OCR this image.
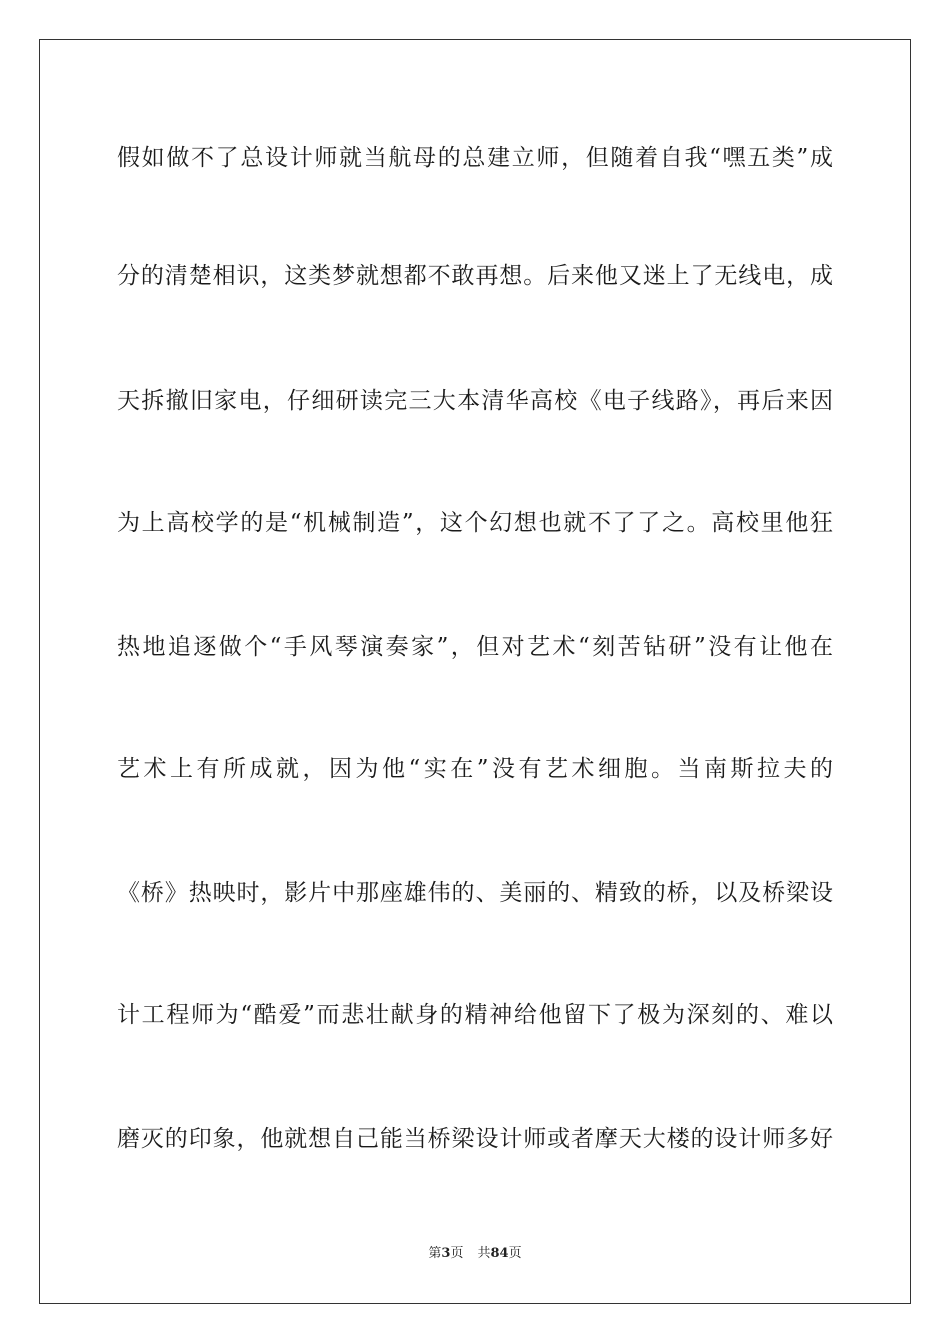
假如做不了总设计师就当航母的总建立师，但随着自我“嘿五类”成
分的清楚相识，这类梦就想都不敢再想。后来他又迷上了无线电，成
天拆撤旧家电，仔细研读完三大本清华高校《电子线路》，再后来因
为上高校学的是“机械制造”，这个幻想也就不了了之。高校里他狂
热地追逐做个“手风琴演奏家”，但对艺术“刻苦钻研”没有让他在
艺术上有所成就，因为他“实在”没有艺术细胞。当南斯拉夫的
《桥》热映时，影片中那座雄伟的、美丽的、精致的桥，以及桥梁设
计工程师为“酷爱”而悲壮献身的精神给他留下了极为深刻的、难以
磨灭的印象，他就想自己能当桥梁设计师或者摩天大楼的设计师多好
第3页 共84页
